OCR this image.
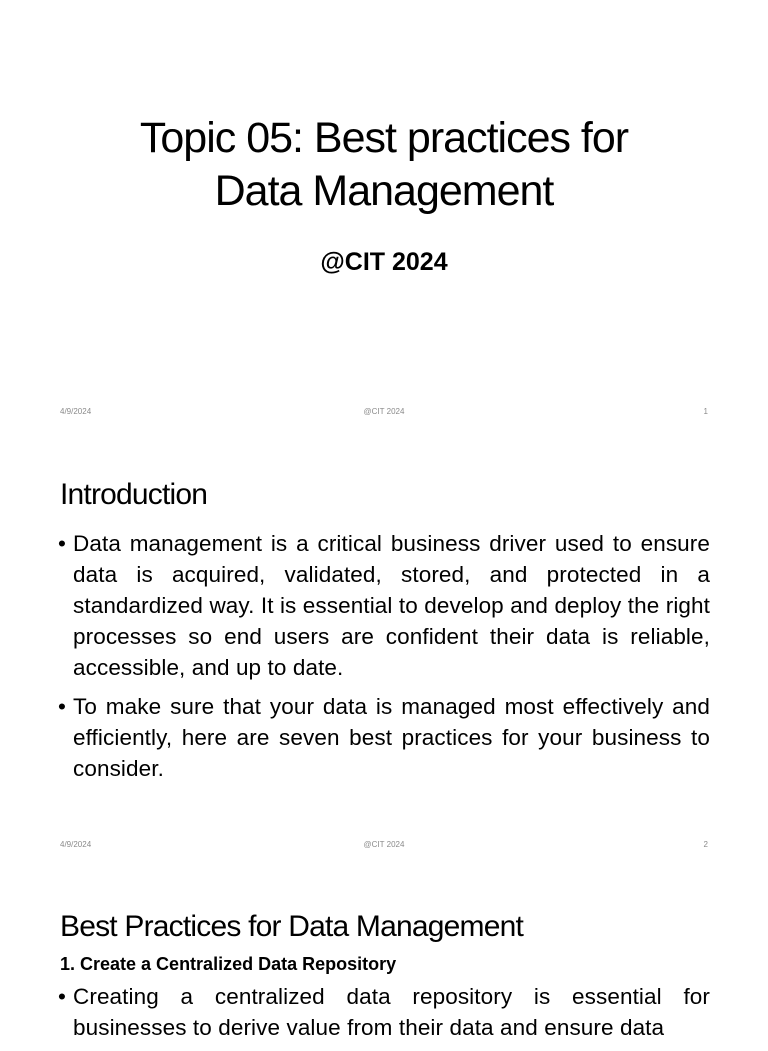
Topic 05: Best practices for
Data Management
@CIT 2024
4/9/2024	@CIT 2024	1
Introduction
• Data management is a critical business driver used to ensure data is acquired, validated, stored, and protected in a standardized way. It is essential to develop and deploy the right processes so end users are confident their data is reliable, accessible, and up to date.
• To make sure that your data is managed most effectively and efficiently, here are seven best practices for your business to consider.
4/9/2024	@CIT 2024	2
Best Practices for Data Management
1. Create a Centralized Data Repository
• Creating a centralized data repository is essential for businesses to derive value from their data and ensure data
